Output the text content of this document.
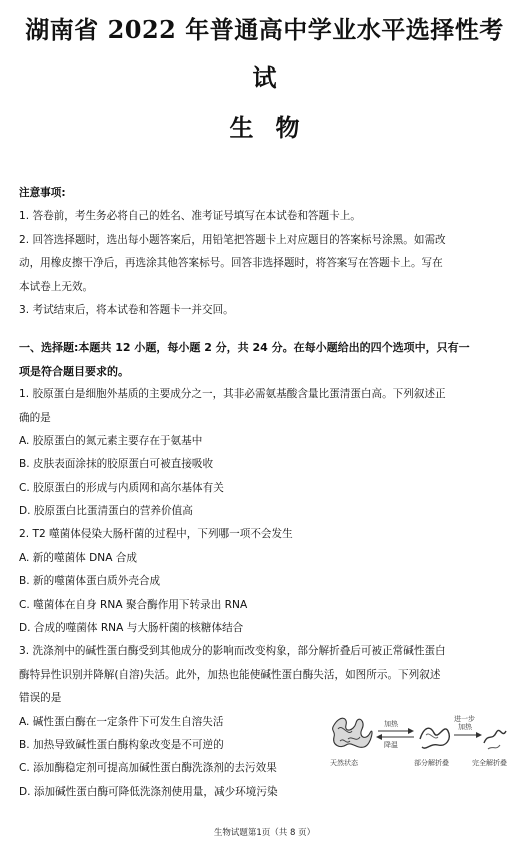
湖南省 2022 年普通高中学业水平选择性考
试
生物
注意事项:
1. 答卷前，考生务必将自己的姓名、准考证号填写在本试卷和答题卡上。
2. 回答选择题时，选出每小题答案后，用铅笔把答题卡上对应题目的答案标号涂黑。如需改
动，用橡皮擦干净后，再选涂其他答案标号。回答非选择题时，将答案写在答题卡上。写在
本试卷上无效。
3. 考试结束后，将本试卷和答题卡一并交回。
一、选择题:本题共 12 小题，每小题 2 分，共 24 分。在每小题给出的四个选项中，只有一
项是符合题目要求的。
1. 胶原蛋白是细胞外基质的主要成分之一，其非必需氨基酸含量比蛋清蛋白高。下列叙述正
确的是
A. 胶原蛋白的氮元素主要存在于氨基中
B. 皮肤表面涂抹的胶原蛋白可被直接吸收
C. 胶原蛋白的形成与内质网和高尔基体有关
D. 胶原蛋白比蛋清蛋白的营养价值高
2. T2 噬菌体侵染大肠杆菌的过程中，下列哪一项不会发生
A. 新的噬菌体 DNA 合成
B. 新的噬菌体蛋白质外壳合成
C. 噬菌体在自身 RNA 聚合酶作用下转录出 RNA
D. 合成的噬菌体 RNA 与大肠杆菌的核糖体结合
3. 洗涤剂中的碱性蛋白酶受到其他成分的影响而改变构象，部分解折叠后可被正常碱性蛋白
酶特异性识别并降解(自溶)失活。此外，加热也能使碱性蛋白酶失活，如图所示。下列叙述
错误的是
A. 碱性蛋白酶在一定条件下可发生自溶失活
B. 加热导致碱性蛋白酶构象改变是不可逆的
C. 添加酶稳定剂可提高加碱性蛋白酶洗涤剂的去污效果
D. 添加碱性蛋白酶可降低洗涤剂使用量，减少环境污染
加热
降温
进一步
加热
天然状态	部分解折叠	完全解折叠
生物试题第1页（共 8 页）
